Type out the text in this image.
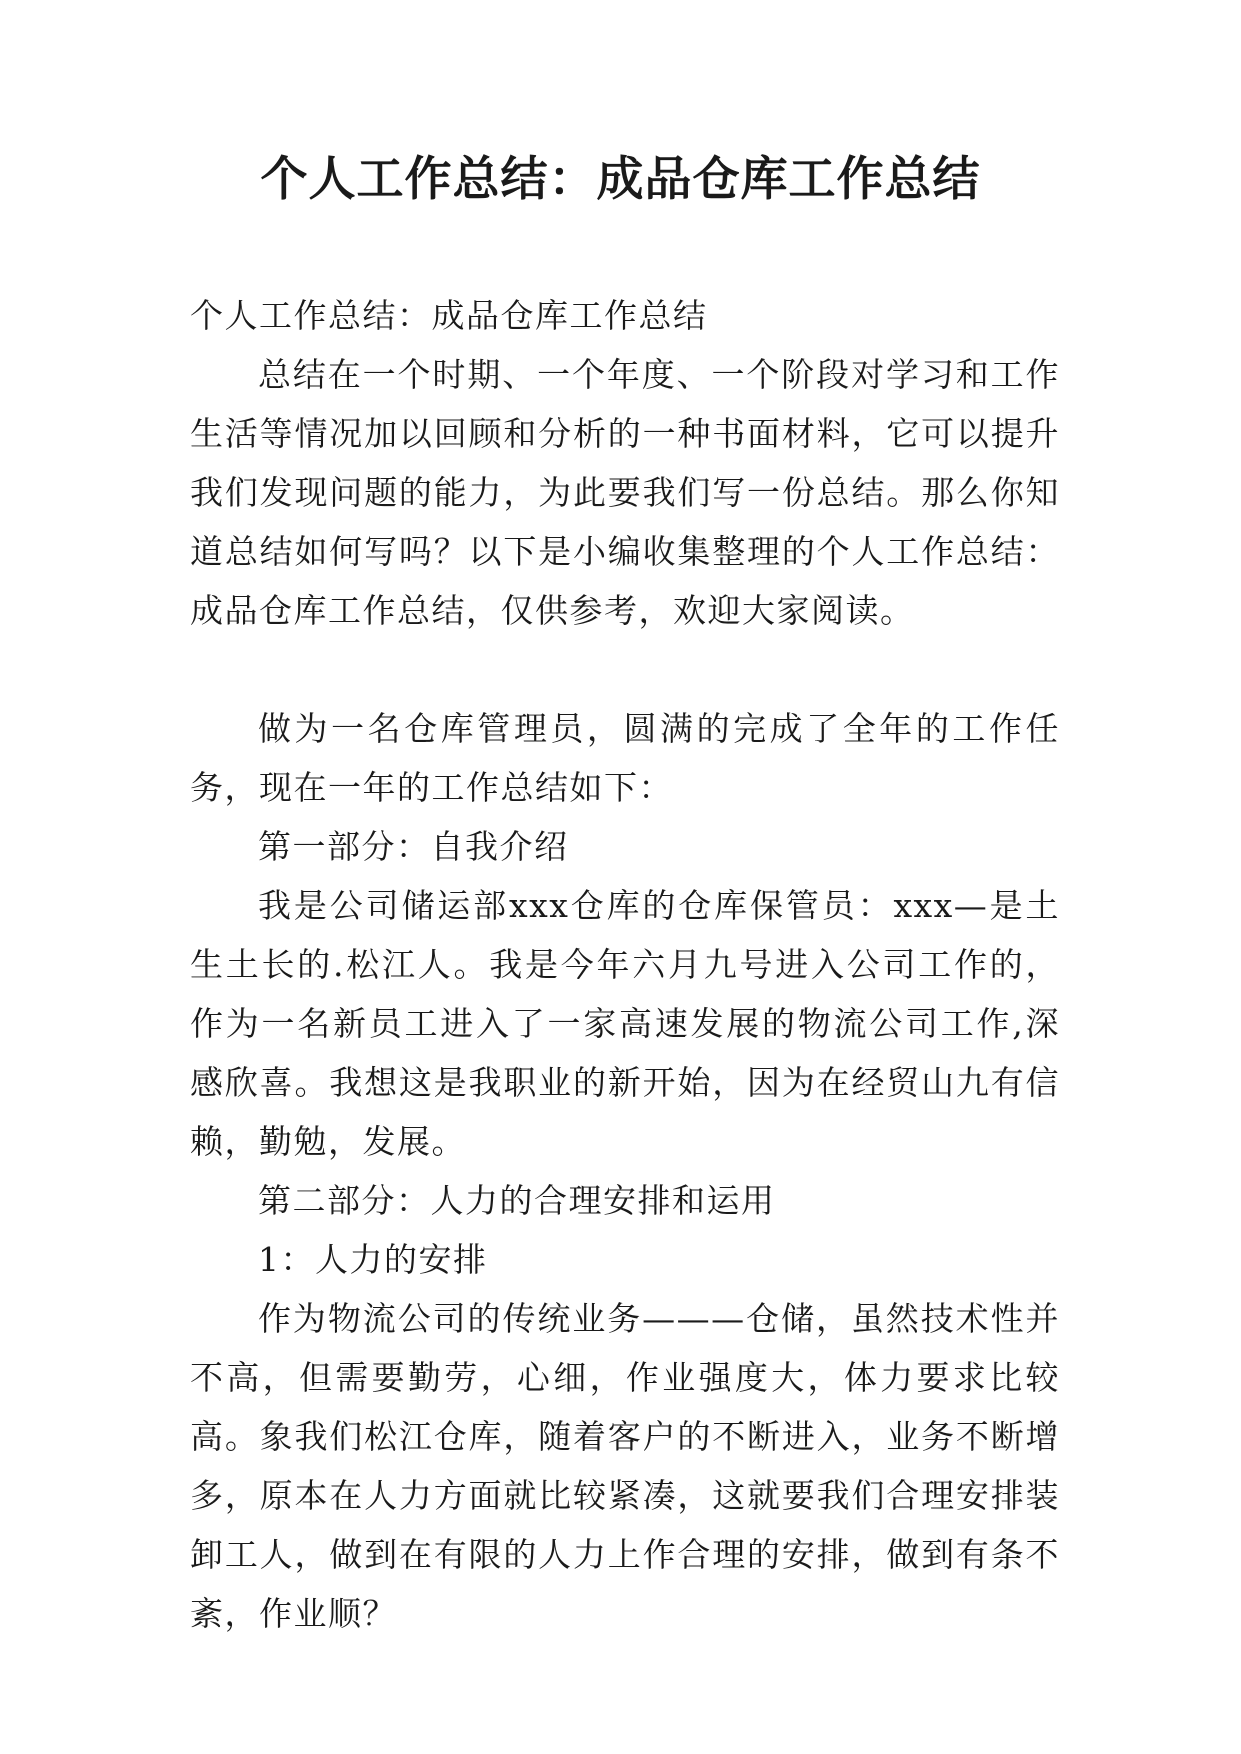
个人工作总结：成品仓库工作总结

个人工作总结：成品仓库工作总结

总结在一个时期、一个年度、一个阶段对学习和工作生活等情况加以回顾和分析的一种书面材料，它可以提升我们发现问题的能力，为此要我们写一份总结。那么你知道总结如何写吗？以下是小编收集整理的个人工作总结：成品仓库工作总结，仅供参考，欢迎大家阅读。

做为一名仓库管理员，圆满的完成了全年的工作任务，现在一年的工作总结如下：

第一部分：自我介绍

我是公司储运部xxx仓库的仓库保管员：xxx—是土生土长的.松江人。我是今年六月九号进入公司工作的，作为一名新员工进入了一家高速发展的物流公司工作,深感欣喜。我想这是我职业的新开始，因为在经贸山九有信赖，勤勉，发展。

第二部分：人力的合理安排和运用

1：人力的安排

作为物流公司的传统业务———仓储，虽然技术性并不高，但需要勤劳，心细，作业强度大，体力要求比较高。象我们松江仓库，随着客户的不断进入，业务不断增多，原本在人力方面就比较紧凑，这就要我们合理安排装卸工人，做到在有限的人力上作合理的安排，做到有条不紊，作业顺？
